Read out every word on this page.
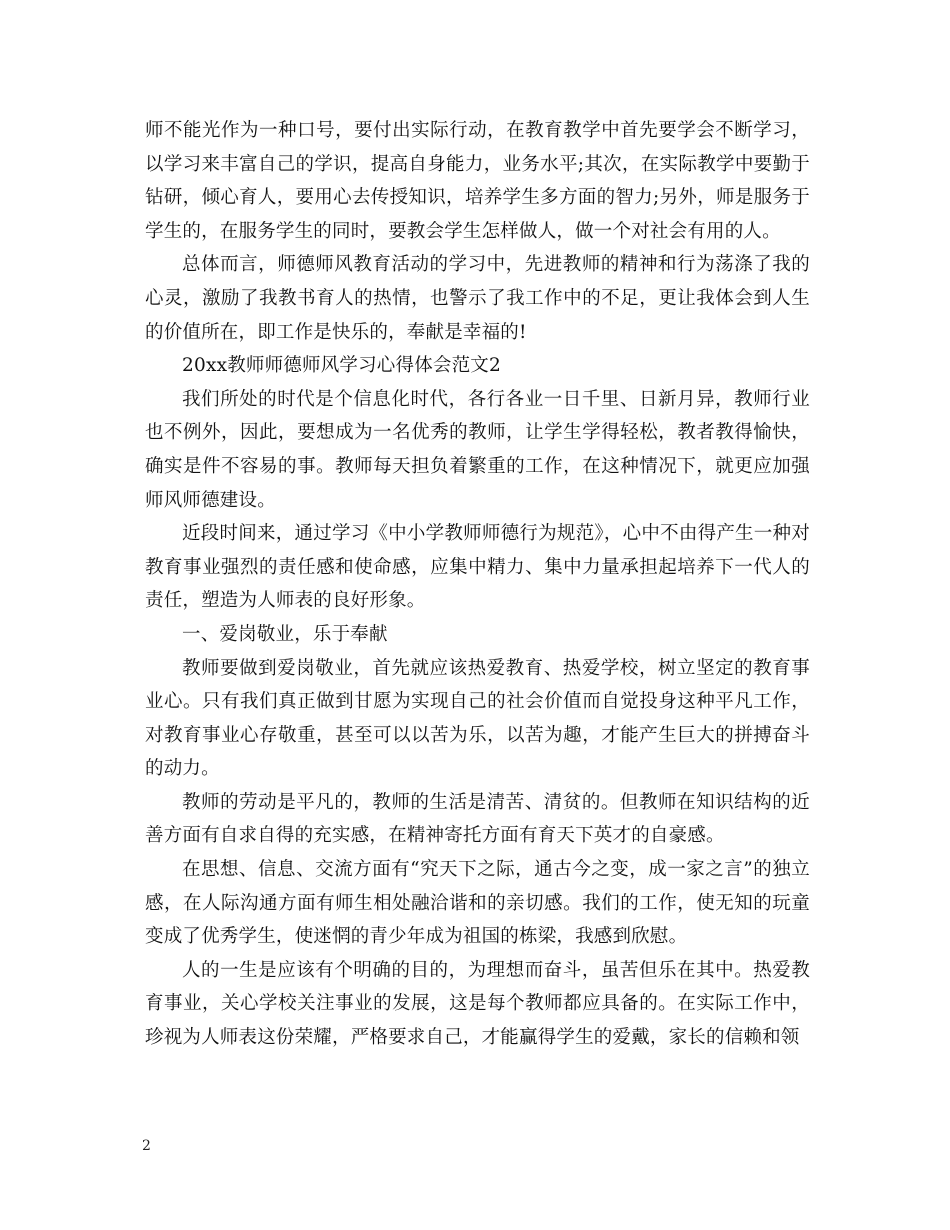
师不能光作为一种口号，要付出实际行动，在教育教学中首先要学会不断学习，以学习来丰富自己的学识，提高自身能力，业务水平;其次，在实际教学中要勤于钻研，倾心育人，要用心去传授知识，培养学生多方面的智力;另外，师是服务于学生的，在服务学生的同时，要教会学生怎样做人，做一个对社会有用的人。

总体而言，师德师风教育活动的学习中，先进教师的精神和行为荡涤了我的心灵，激励了我教书育人的热情，也警示了我工作中的不足，更让我体会到人生的价值所在，即工作是快乐的，奉献是幸福的!

20xx教师师德师风学习心得体会范文2

我们所处的时代是个信息化时代，各行各业一日千里、日新月异，教师行业也不例外，因此，要想成为一名优秀的教师，让学生学得轻松，教者教得愉快，确实是件不容易的事。教师每天担负着繁重的工作，在这种情况下，就更应加强师风师德建设。

近段时间来，通过学习《中小学教师师德行为规范》，心中不由得产生一种对教育事业强烈的责任感和使命感，应集中精力、集中力量承担起培养下一代人的责任，塑造为人师表的良好形象。

一、爱岗敬业，乐于奉献

教师要做到爱岗敬业，首先就应该热爱教育、热爱学校，树立坚定的教育事业心。只有我们真正做到甘愿为实现自己的社会价值而自觉投身这种平凡工作，对教育事业心存敬重，甚至可以以苦为乐，以苦为趣，才能产生巨大的拼搏奋斗的动力。

教师的劳动是平凡的，教师的生活是清苦、清贫的。但教师在知识结构的近善方面有自求自得的充实感，在精神寄托方面有育天下英才的自豪感。

在思想、信息、交流方面有“究天下之际，通古今之变，成一家之言”的独立感，在人际沟通方面有师生相处融洽谐和的亲切感。我们的工作，使无知的玩童变成了优秀学生，使迷惘的青少年成为祖国的栋梁，我感到欣慰。

人的一生是应该有个明确的目的，为理想而奋斗，虽苦但乐在其中。热爱教育事业，关心学校关注事业的发展，这是每个教师都应具备的。在实际工作中，珍视为人师表这份荣耀，严格要求自己，才能赢得学生的爱戴，家长的信赖和领

2
